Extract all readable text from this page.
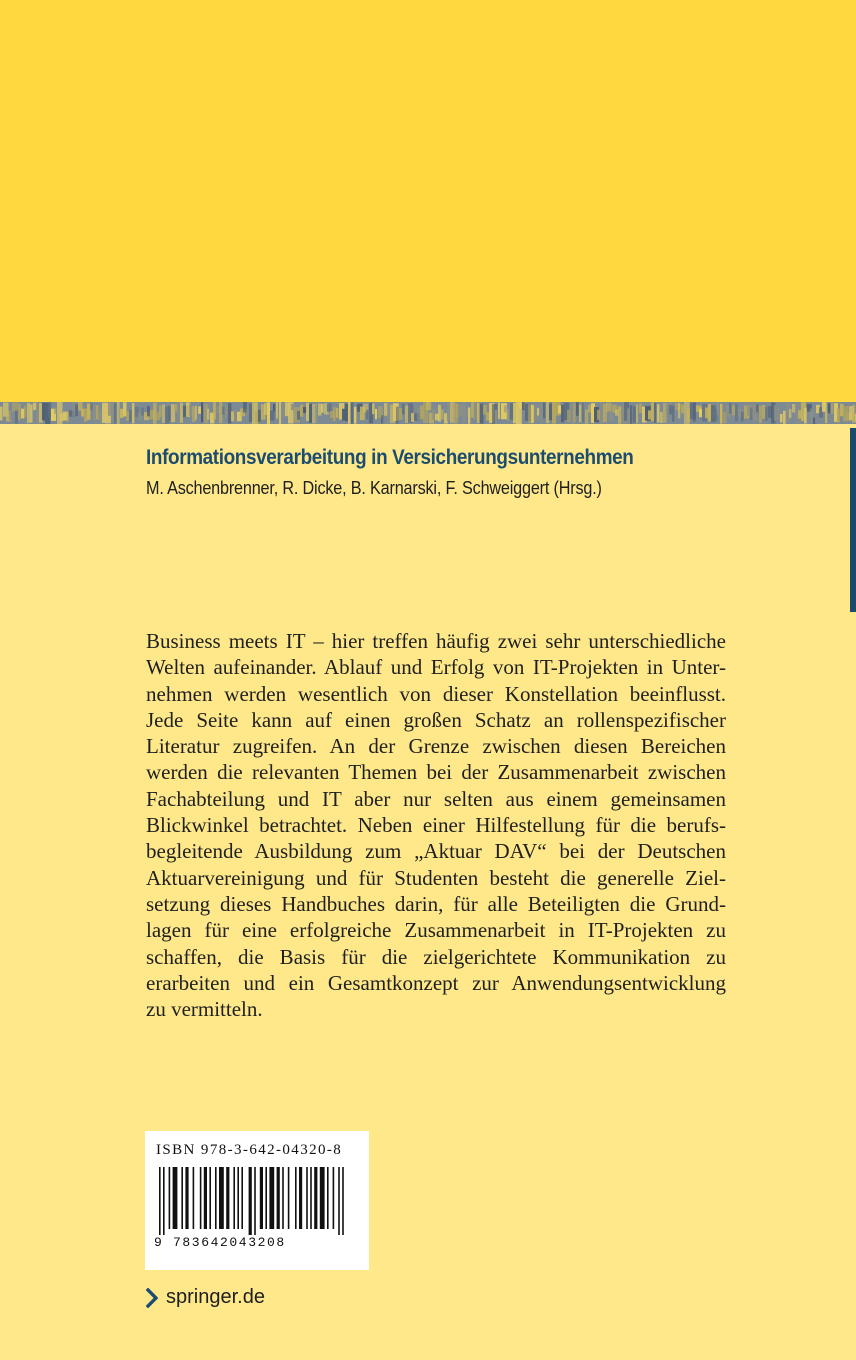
Informationsverarbeitung in Versicherungsunternehmen
M. Aschenbrenner, R. Dicke, B. Karnarski, F. Schweiggert (Hrsg.)
Business meets IT – hier treffen häufig zwei sehr unterschiedliche
Welten aufeinander. Ablauf und Erfolg von IT-Projekten in Unter-
nehmen werden wesentlich von dieser Konstellation beeinflusst.
Jede Seite kann auf einen großen Schatz an rollenspezifischer
Literatur zugreifen. An der Grenze zwischen diesen Bereichen
werden die relevanten Themen bei der Zusammenarbeit zwischen
Fachabteilung und IT aber nur selten aus einem gemeinsamen
Blickwinkel betrachtet. Neben einer Hilfestellung für die berufs-
begleitende Ausbildung zum „Aktuar DAV“ bei der Deutschen
Aktuarvereinigung und für Studenten besteht die generelle Ziel-
setzung dieses Handbuches darin, für alle Beteiligten die Grund-
lagen für eine erfolgreiche Zusammenarbeit in IT-Projekten zu
schaffen, die Basis für die zielgerichtete Kommunikation zu
erarbeiten und ein Gesamtkonzept zur Anwendungsentwicklung
zu vermitteln.
ISBN 978-3-642-04320-8
9 783642043208
springer.de
